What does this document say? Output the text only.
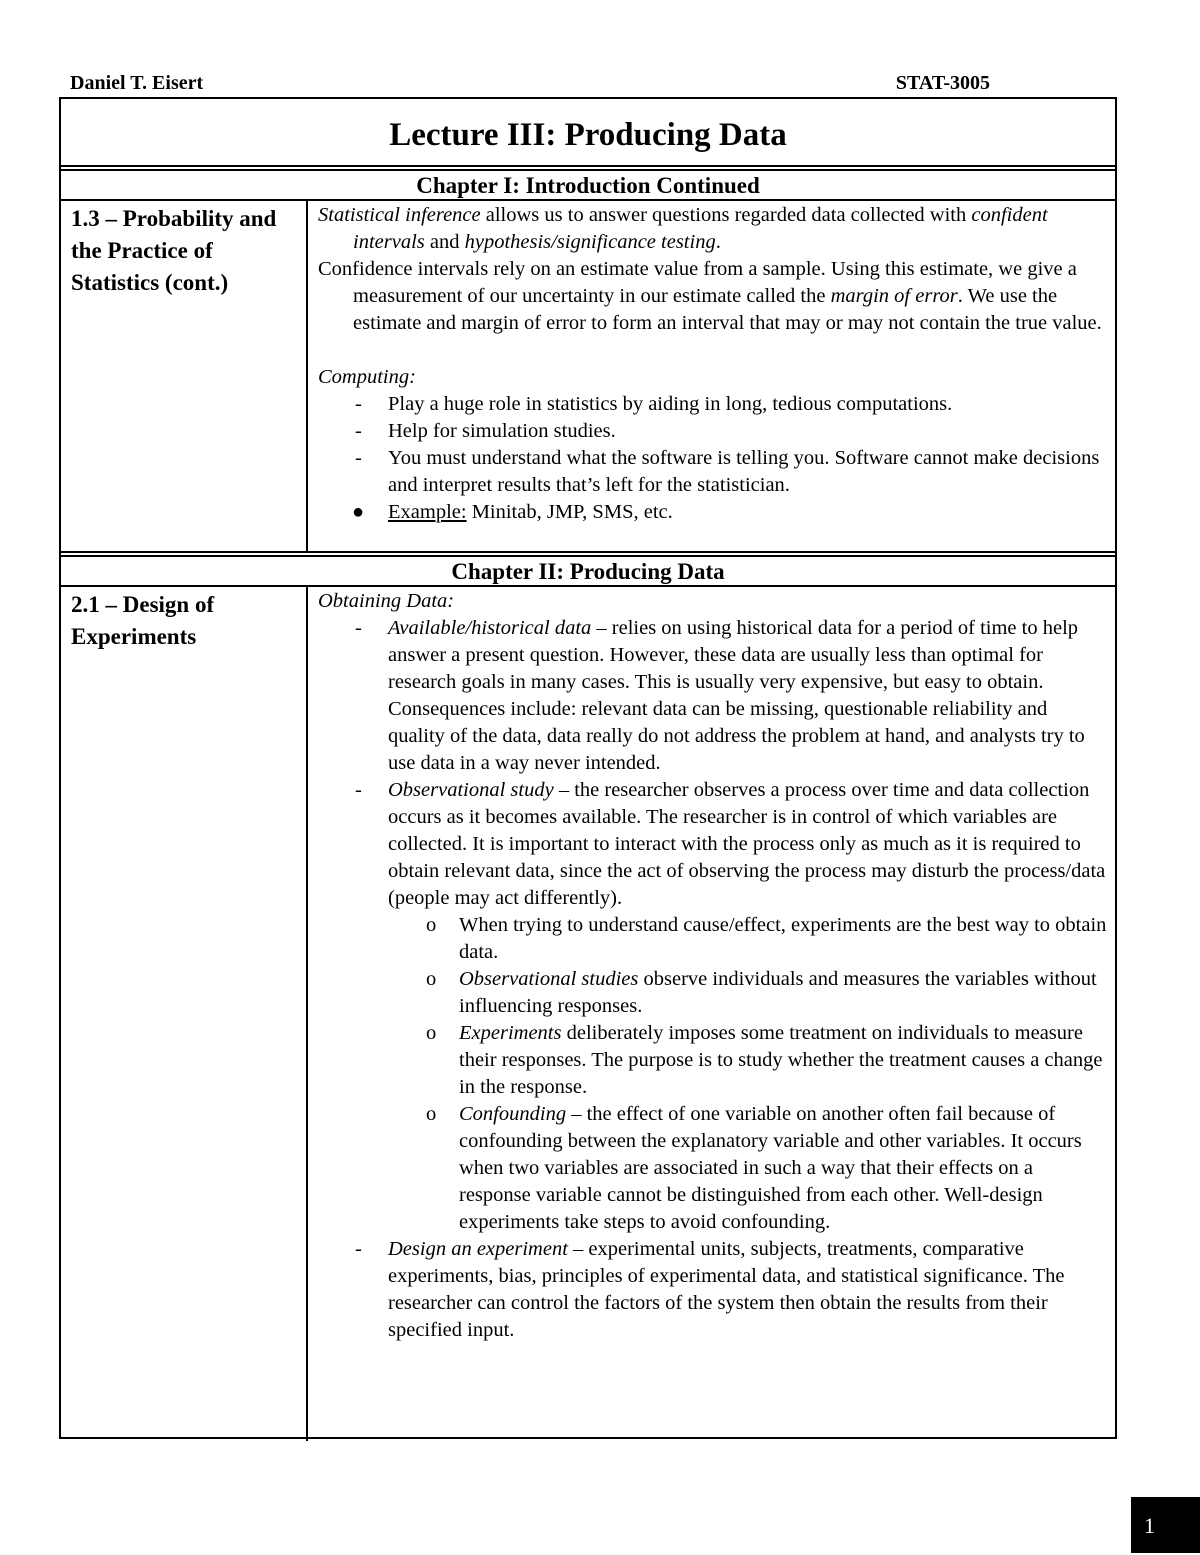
Daniel T. Eisert	STAT-3005
Lecture III: Producing Data
Chapter I: Introduction Continued
1.3 – Probability and the Practice of Statistics (cont.)

Statistical inference allows us to answer questions regarded data collected with confident intervals and hypothesis/significance testing.

Confidence intervals rely on an estimate value from a sample. Using this estimate, we give a measurement of our uncertainty in our estimate called the margin of error. We use the estimate and margin of error to form an interval that may or may not contain the true value.

Computing:
- Play a huge role in statistics by aiding in long, tedious computations.
- Help for simulation studies.
- You must understand what the software is telling you. Software cannot make decisions and interpret results that’s left for the statistician.
● Example: Minitab, JMP, SMS, etc.
Chapter II: Producing Data
2.1 – Design of Experiments
Obtaining Data:
- Available/historical data – relies on using historical data for a period of time to help answer a present question. However, these data are usually less than optimal for research goals in many cases. This is usually very expensive, but easy to obtain. Consequences include: relevant data can be missing, questionable reliability and quality of the data, data really do not address the problem at hand, and analysts try to use data in a way never intended.
- Observational study – the researcher observes a process over time and data collection occurs as it becomes available. The researcher is in control of which variables are collected. It is important to interact with the process only as much as it is required to obtain relevant data, since the act of observing the process may disturb the process/data (people may act differently).
o When trying to understand cause/effect, experiments are the best way to obtain data.
o Observational studies observe individuals and measures the variables without influencing responses.
o Experiments deliberately imposes some treatment on individuals to measure their responses. The purpose is to study whether the treatment causes a change in the response.
o Confounding – the effect of one variable on another often fail because of confounding between the explanatory variable and other variables. It occurs when two variables are associated in such a way that their effects on a response variable cannot be distinguished from each other. Well-design experiments take steps to avoid confounding.
- Design an experiment – experimental units, subjects, treatments, comparative experiments, bias, principles of experimental data, and statistical significance. The researcher can control the factors of the system then obtain the results from their specified input.
1
